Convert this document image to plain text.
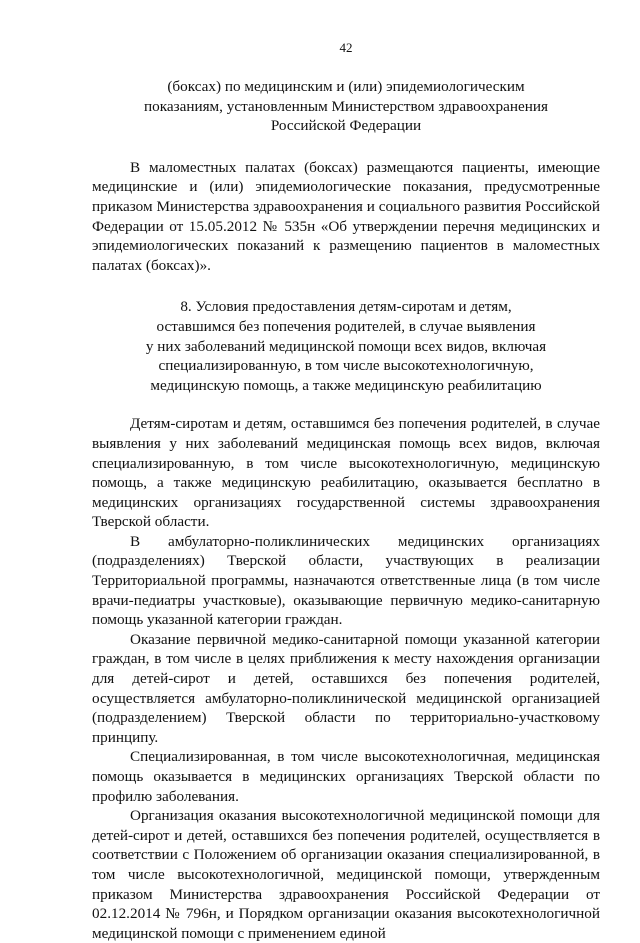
42

(боксах) по медицинским и (или) эпидемиологическим

показаниям, установленным Министерством здравоохранения

Российской Федерации

В маломестных палатах (боксах) размещаются пациенты, имеющие медицинские и (или) эпидемиологические показания, предусмотренные приказом Министерства здравоохранения и социального развития Российской Федерации от 15.05.2012 № 535н «Об утверждении перечня медицинских и эпидемиологических показаний к размещению пациентов в маломестных палатах (боксах)».

8. Условия предоставления детям-сиротам и детям,

оставшимся без попечения родителей, в случае выявления

у них заболеваний медицинской помощи всех видов, включая

специализированную, в том числе высокотехнологичную,

медицинскую помощь, а также медицинскую реабилитацию

Детям-сиротам и детям, оставшимся без попечения родителей, в случае выявления у них заболеваний медицинская помощь всех видов, включая специализированную, в том числе высокотехнологичную, медицинскую помощь, а также медицинскую реабилитацию, оказывается бесплатно в медицинских организациях государственной системы здравоохранения Тверской области.

В амбулаторно-поликлинических медицинских организациях (подразделениях) Тверской области, участвующих в реализации Территориальной программы, назначаются ответственные лица (в том числе врачи-педиатры участковые), оказывающие первичную медико-санитарную помощь указанной категории граждан.

Оказание первичной медико-санитарной помощи указанной категории граждан, в том числе в целях приближения к месту нахождения организации для детей-сирот и детей, оставшихся без попечения родителей, осуществляется амбулаторно-поликлинической медицинской организацией (подразделением) Тверской области по территориально-участковому принципу.

Специализированная, в том числе высокотехнологичная, медицинская помощь оказывается в медицинских организациях Тверской области по профилю заболевания.

Организация оказания высокотехнологичной медицинской помощи для детей-сирот и детей, оставшихся без попечения родителей, осуществляется в соответствии с Положением об организации оказания специализированной, в том числе высокотехнологичной, медицинской помощи, утвержденным приказом Министерства здравоохранения Российской Федерации от 02.12.2014 № 796н, и Порядком организации оказания высокотехнологичной медицинской помощи с применением единой
